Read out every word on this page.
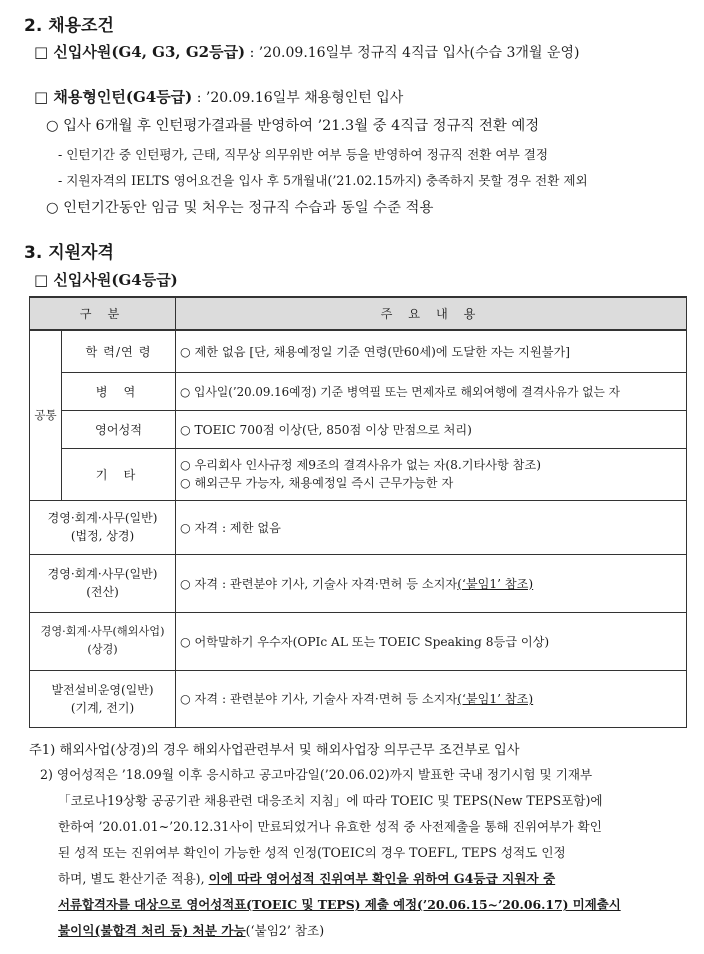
2. 채용조건
□ 신입사원(G4, G3, G2등급) : ’20.09.16일부 정규직 4직급 입사(수습 3개월 운영)
□ 채용형인턴(G4등급) : ’20.09.16일부 채용형인턴 입사
○ 입사 6개월 후 인턴평가결과를 반영하여 ’21.3월 중 4직급 정규직 전환 예정
- 인턴기간 중 인턴평가, 근태, 직무상 의무위반 여부 등을 반영하여 정규직 전환 여부 결정
- 지원자격의 IELTS 영어요건을 입사 후 5개월내(’21.02.15까지) 충족하지 못할 경우 전환 제외
○ 인턴기간동안 임금 및 처우는 정규직 수습과 동일 수준 적용
3. 지원자격
□ 신입사원(G4등급)
구 분		주 요 내 용
공통	학 력/연 령	○ 제한 없음 [단, 채용예정일 기준 연령(만60세)에 도달한 자는 지원불가]
	병 역	○ 입사일(’20.09.16예정) 기준 병역필 또는 면제자로 해외여행에 결격사유가 없는 자
	영어성적	○ TOEIC 700점 이상(단, 850점 이상 만점으로 처리)
	기 타	○ 우리회사 인사규정 제9조의 결격사유가 없는 자(8.기타사항 참조)
○ 해외근무 가능자, 채용예정일 즉시 근무가능한 자

경영·회계·사무(일반)
(법정, 상경)		○ 자격 : 제한 없음

경영·회계·사무(일반)
(전산)		○ 자격 : 관련분야 기사, 기술사 자격·면허 등 소지자(‘붙임1’ 참조)

경영·회계·사무(해외사업)
(상경)		○ 어학말하기 우수자(OPIc AL 또는 TOEIC Speaking 8등급 이상)

발전설비운영(일반)
(기계, 전기)		○ 자격 : 관련분야 기사, 기술사 자격·면허 등 소지자(‘붙임1’ 참조)
주1) 해외사업(상경)의 경우 해외사업관련부서 및 해외사업장 의무근무 조건부로 입사
2) 영어성적은 ’18.09월 이후 응시하고 공고마감일(’20.06.02)까지 발표한 국내 정기시험 및 기재부
「코로나19상황 공공기관 채용관련 대응조치 지침」에 따라 TOEIC 및 TEPS(New TEPS포함)에
한하여 ’20.01.01~’20.12.31사이 만료되었거나 유효한 성적 중 사전제출을 통해 진위여부가 확인
된 성적 또는 진위여부 확인이 가능한 성적 인정(TOEIC의 경우 TOEFL, TEPS 성적도 인정
하며, 별도 환산기준 적용), 이에 따라 영어성적 진위여부 확인을 위하여 G4등급 지원자 중
서류합격자를 대상으로 영어성적표(TOEIC 및 TEPS) 제출 예정(’20.06.15~’20.06.17) 미제출시
불이익(불합격 처리 등) 처분 가능(‘붙임2’ 참조)
